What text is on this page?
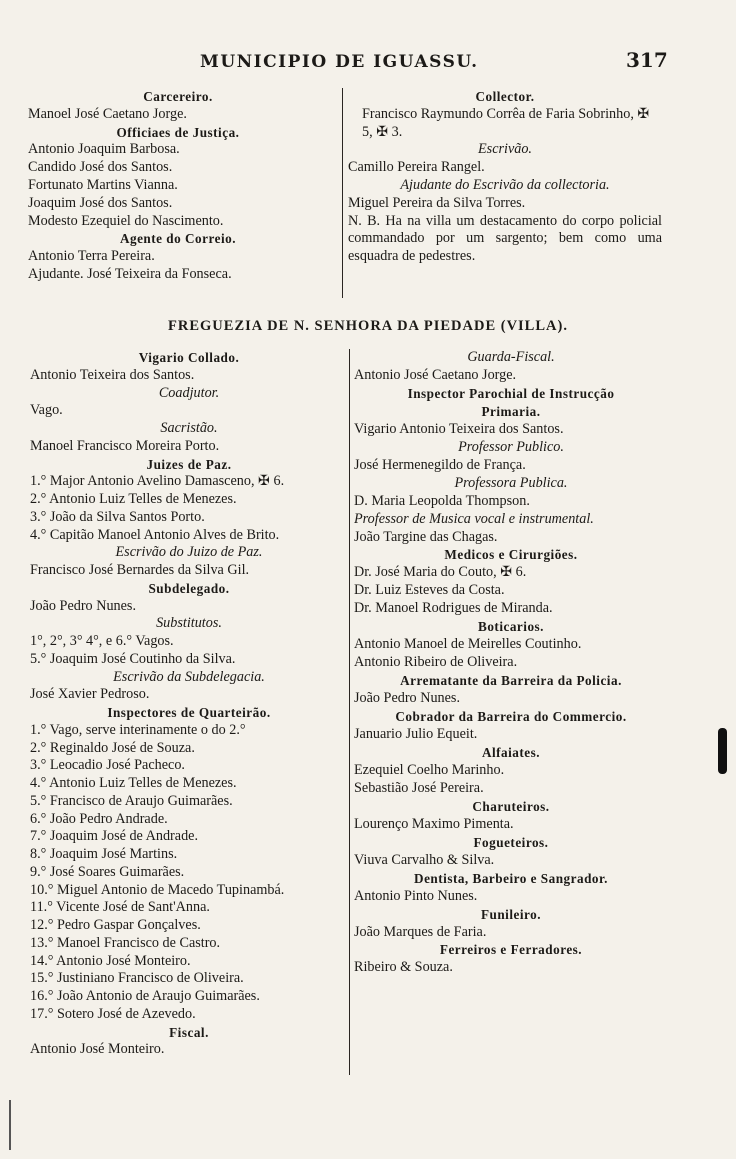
MUNICIPIO DE IGUASSU.	317
Carcereiro.
Manoel José Caetano Jorge.
Officiaes de Justiça.
Antonio Joaquim Barbosa.
Candido José dos Santos.
Fortunato Martins Vianna.
Joaquim José dos Santos.
Modesto Ezequiel do Nascimento.
Agente do Correio.
Antonio Terra Pereira.
Ajudante. José Teixeira da Fonseca.
Collector.
Francisco Raymundo Corrêa de Faria Sobrinho, ✠ 5, ✠ 3.
Escrivão.
Camillo Pereira Rangel.
Ajudante do Escrivão da collectoria.
Miguel Pereira da Silva Torres.
N. B. Ha na villa um destacamento do corpo policial commandado por um sargento; bem como uma esquadra de pedestres.
FREGUEZIA DE N. SENHORA DA PIEDADE (VILLA).
Vigario Collado.
Antonio Teixeira dos Santos.
Coadjutor.
Vago.
Sacristão.
Manoel Francisco Moreira Porto.
Juizes de Paz.
1.° Major Antonio Avelino Damasceno, ✠ 6.
2.° Antonio Luiz Telles de Menezes.
3.° João da Silva Santos Porto.
4.° Capitão Manoel Antonio Alves de Brito.
Escrivão do Juizo de Paz.
Francisco José Bernardes da Silva Gil.
Subdelegado.
João Pedro Nunes.
Substitutos.
1°, 2°, 3° 4°, e 6.° Vagos.
5.° Joaquim José Coutinho da Silva.
Escrivão da Subdelegacia.
José Xavier Pedroso.
Inspectores de Quarteirão.
1.° Vago, serve interinamente o do 2.°
2.° Reginaldo José de Souza.
3.° Leocadio José Pacheco.
4.° Antonio Luiz Telles de Menezes.
5.° Francisco de Araujo Guimarães.
6.° João Pedro Andrade.
7.° Joaquim José de Andrade.
8.° Joaquim José Martins.
9.° José Soares Guimarães.
10.° Miguel Antonio de Macedo Tupinambá.
11.° Vicente José de Sant'Anna.
12.° Pedro Gaspar Gonçalves.
13.° Manoel Francisco de Castro.
14.° Antonio José Monteiro.
15.° Justiniano Francisco de Oliveira.
16.° João Antonio de Araujo Guimarães.
17.° Sotero José de Azevedo.
Fiscal.
Antonio José Monteiro.
Guarda-Fiscal.
Antonio José Caetano Jorge.
Inspector Parochial de Instrucção
Primaria.
Vigario Antonio Teixeira dos Santos.
Professor Publico.
José Hermenegildo de França.
Professora Publica.
D. Maria Leopolda Thompson.
Professor de Musica vocal e instrumental.
João Targine das Chagas.
Medicos e Cirurgiões.
Dr. José Maria do Couto, ✠ 6.
Dr. Luiz Esteves da Costa.
Dr. Manoel Rodrigues de Miranda.
Boticarios.
Antonio Manoel de Meirelles Coutinho.
Antonio Ribeiro de Oliveira.
Arrematante da Barreira da Policia.
João Pedro Nunes.
Cobrador da Barreira do Commercio.
Januario Julio Equeit.
Alfaiates.
Ezequiel Coelho Marinho.
Sebastião José Pereira.
Charuteiros.
Lourenço Maximo Pimenta.
Fogueteiros.
Viuva Carvalho & Silva.
Dentista, Barbeiro e Sangrador.
Antonio Pinto Nunes.
Funileiro.
João Marques de Faria.
Ferreiros e Ferradores.
Ribeiro & Souza.
